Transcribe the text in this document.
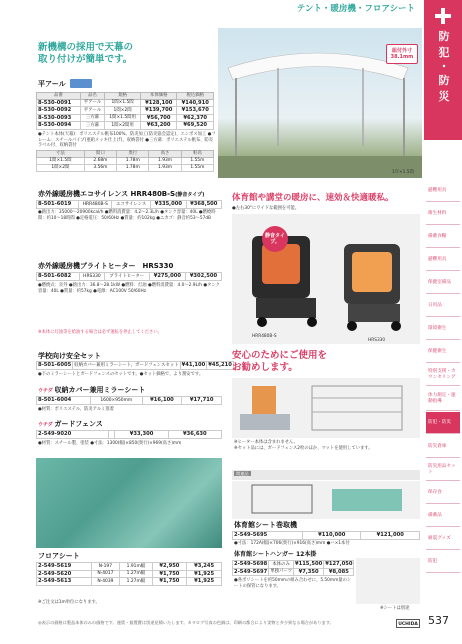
テント・暖房機・フロアシート
防
犯
・
防
災
避難用具
衛生材料
備蓄食糧
避難用具
保健室備品
日用品
環境衛生
保健衛生
特別支援・カウンセリング
体力測定・運動指導
防犯・防災
防災倉庫
防災用品セット
保存食
備蓄品
耐震グッズ
防犯
新機構の採用で天幕の
取り付けが簡単です。
平アール
品番	品名	規格	本体価格	税込価格
8-530-0091	平アール	1間×1.5間	¥128,100	¥140,910
8-530-0092	平アール	1間×2間	¥139,700	¥153,670
8-530-0093	三方幕	1間×1.5間用	¥56,700	¥62,370
8-530-0094	三方幕	1間×2間用	¥63,200	¥69,520
●テント本体(天幕)：ポリエステル帆布100%、防炎加工(防炎協会認定)、エンボス加工 ●フレーム：スチールパイプ(亜鉛メッキ仕上げ)、収納袋付 ●三方幕：ポリエステル帆布、防炎ラベル付、収納袋付
寸法	間口	奥行	高さ	軒高
1間×1.5間	2.68m	1.78m	1.93m	1.55m
1間×2間	3.56m	1.78m	1.93m	1.55m
組付外寸38.1mm
1年×1.5間
赤外線暖房機エコサイレンス HRR480B-S(静音タイプ)
8-501-6019	HRR480B-S	エコサイレンス	¥335,000	¥368,500
●熱出力：35000〜20900kcal/h ●燃料消費量：4.2〜2.3L/h ●タンク容量：40L ●燃焼時間：約10〜18時間 ●定格電圧：50/60Hz ●質量：約102kg ●ニカゴ：静音約53〜57dB
赤外線暖房機ブライトヒーター　HRS330
8-501-6082	HRS330	ブライトヒーター	¥275,000	¥302,500
●燃焼式：炎外 ●熱出力：36.8〜28.1kW ●燃料：灯油 ●燃料消費量：4.0〜2.9L/h ●タンク容量：40L ●質量：約57kg ●電源：AC100V 50/60Hz
※本体に灯油等を給油する場合は必ず運転を停止してください。
体育館や講堂の暖房に、速効＆快適暖私。
●左右30°にワイドな範囲を可能。
静音タイプ。
HRR480B-S
HRS330
学校向け安全セット
8-501-6005	収納カバー兼用ミラーシート、ガードフェンスセット	¥41,100	¥45,210
●下のミラーシートとガードフェンスのセットです。●セット価格で、より割安です。
ウチダ 収納カバー兼用ミラーシート
8-501-6004	1600×950mm	¥16,100	¥17,710
●材質：ポリエステル、防炎アルミ蒸着
ウチダ ガードフェンス
2-549-9020		¥33,300	¥36,630
●材質：スチール製、塗装 ●寸法：1300(幅)×850(奥行)×969(高さ)mm
安心のためにご使用を
お勧めします。
※ヒーター本体は含まれません。
※セット品には、ガードフェンス2枚のほか、マットを使用しています。
フロアシート
2-549-5619	N-197	1.91m幅	¥2,950	¥3,245
2-549-5620	N-4017	1.27m幅	¥1,750	¥1,925
2-549-5613	N-4039	1.27m幅	¥1,750	¥1,925
※ご注文は1m単位になります。
関連品
体育館シート巻取機
2-549-5695	¥110,000	¥121,000
●寸法：172A(幅)×706(奥行)×916(高さ)mm ●ハ×1本付
体育館シートハンガー 12本掛
2-549-5698	本体のみ	¥115,500	¥127,050
2-549-5697	単独パーツ	¥7,350	¥8,085
●各ポリシートを約50mmの組み合わせに、5.50mm量のシートの保管になります。
※シートは別途
◎表示の価格は製品本体のみの価格です。運賃・据置費は別途見積いたします。カタログ写真の色調は、印刷の都合により実物と多少異なる場合があります。	UCHIDA 537
